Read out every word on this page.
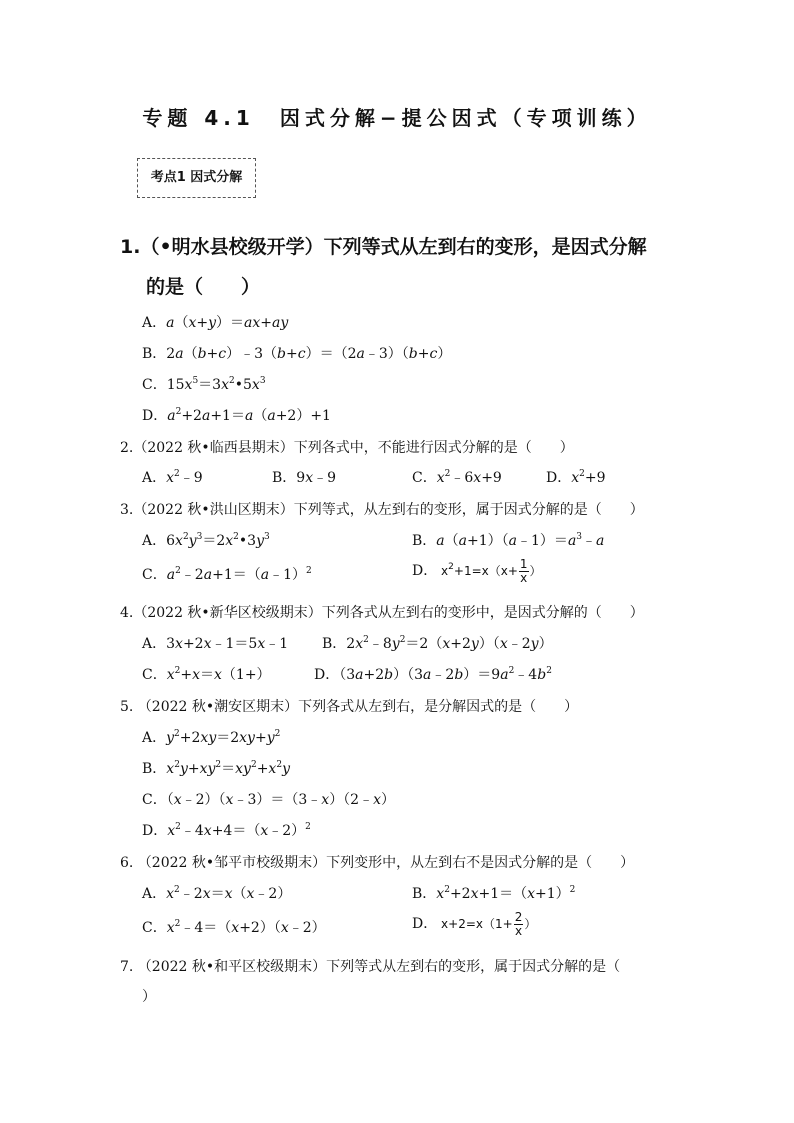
专题 4.1　因式分解−提公因式（专项训练）
考点1 因式分解
1.（•明水县校级开学）下列等式从左到右的变形，是因式分解
的是（　　）
A．a（x+y）＝ax+ay
B．2a（b+c）﹣3（b+c）＝（2a﹣3）（b+c）
C．$15x^5=3x^2•5x^3$
D．$a^2+2a+1=a(a+2)+1$
2.（2022 秋•临西县期末）下列各式中，不能进行因式分解的是（　　）
A．$x^2﹣9$	B．9x﹣9	C．$x^2﹣6x+9$	D．$x^2+9$
3.（2022 秋•洪山区期末）下列等式，从左到右的变形，属于因式分解的是（　　）
A．$6x^2y^3=2x^2•3y^3$	B．$a(a+1)(a﹣1)=a^3﹣a$
C．$a^2﹣2a+1=(a﹣1)^2$	D． $x^2+1=x(x+ \frac{1}{x}$ ）
4.（2022 秋•新华区校级期末）下列各式从左到右的变形中，是因式分解的（　　）
A．3x+2x﹣1＝5x﹣1 B．$2x^2﹣8y^2=2(x+2y)(x﹣2y)$
C．$x^2+x=x(1+)$	D．$(3a+2b)(3a﹣2b)=9a^2﹣4b^2$
5. （2022 秋•潮安区期末）下列各式从左到右，是分解因式的是（　　）
A．$y^2+2xy=2xy+y^2$
B．$x^2y+xy^2=xy^2+x^2y$
C．（x﹣2）（x﹣3）＝（3﹣x）（2﹣x）
D．$x^2﹣4x+4=(x﹣2)^2$
6. （2022 秋•邹平市校级期末）下列变形中，从左到右不是因式分解的是（　　）
A．$x^2﹣2x=x(x﹣2)$	B．$x^2+2x+1=(x+1)^2$
C．$x^2﹣4=(x+2)(x﹣2)$	D． $x+2=x(1+ \frac{2}{x}$ ）
7. （2022 秋•和平区校级期末）下列等式从左到右的变形，属于因式分解的是（
）
